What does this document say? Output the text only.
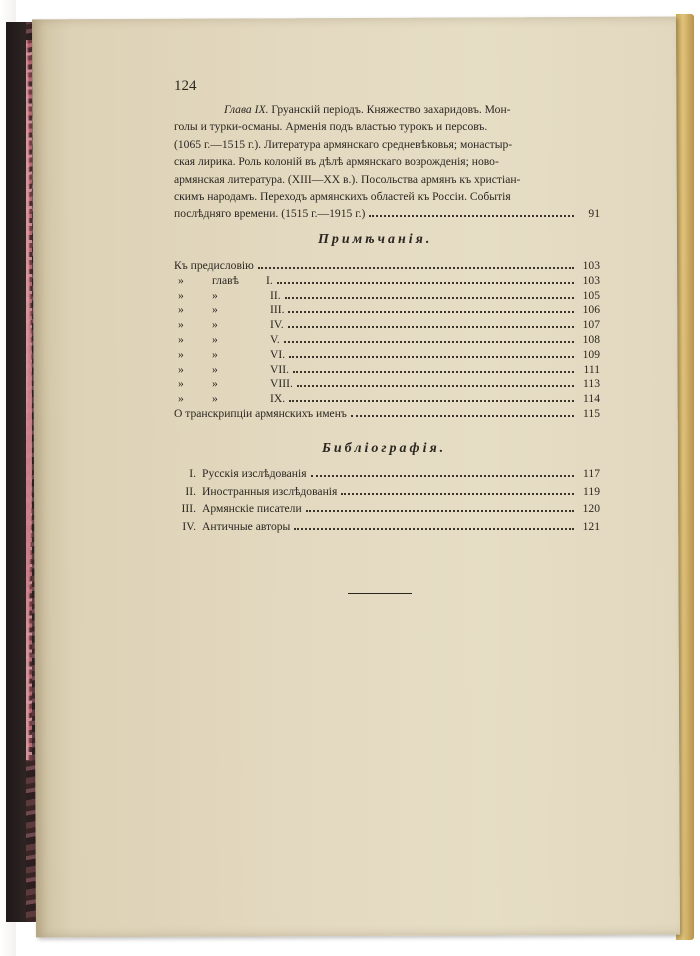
124
Глава IX. Груанскій періодъ. Княжество захаридовъ. Мон-
голы и турки-османы. Арменія подъ властью турокъ и персовъ.
(1065 г.—1515 г.). Литература армянскаго средневѣковья; монастыр-
ская лирика. Роль колоній въ дѣлѣ армянскаго возрожденія; ново-
армянская литература. (XIII—XX в.). Посольства армянъ къ христіан-
скимъ народамъ. Переходъ армянскихъ областей къ Россіи. Событія
послѣдняго времени. (1515 г.—1915 г.)	91
Примѣчанія.
Къ предисловію	103
»	главѣ	I.	103
»	»	II.	105
»	»	III.	106
»	»	IV.	107
»	»	V.	108
»	»	VI.	109
»	»	VII.	111
»	»	VIII.	113
»	»	IX.	114
О транскрипціи армянскихъ именъ	115
Библіографія.
I. Русскія изслѣдованія	117
II. Иностранныя изслѣдованія	119
III. Армянскіе писатели	120
IV. Античные авторы	121
